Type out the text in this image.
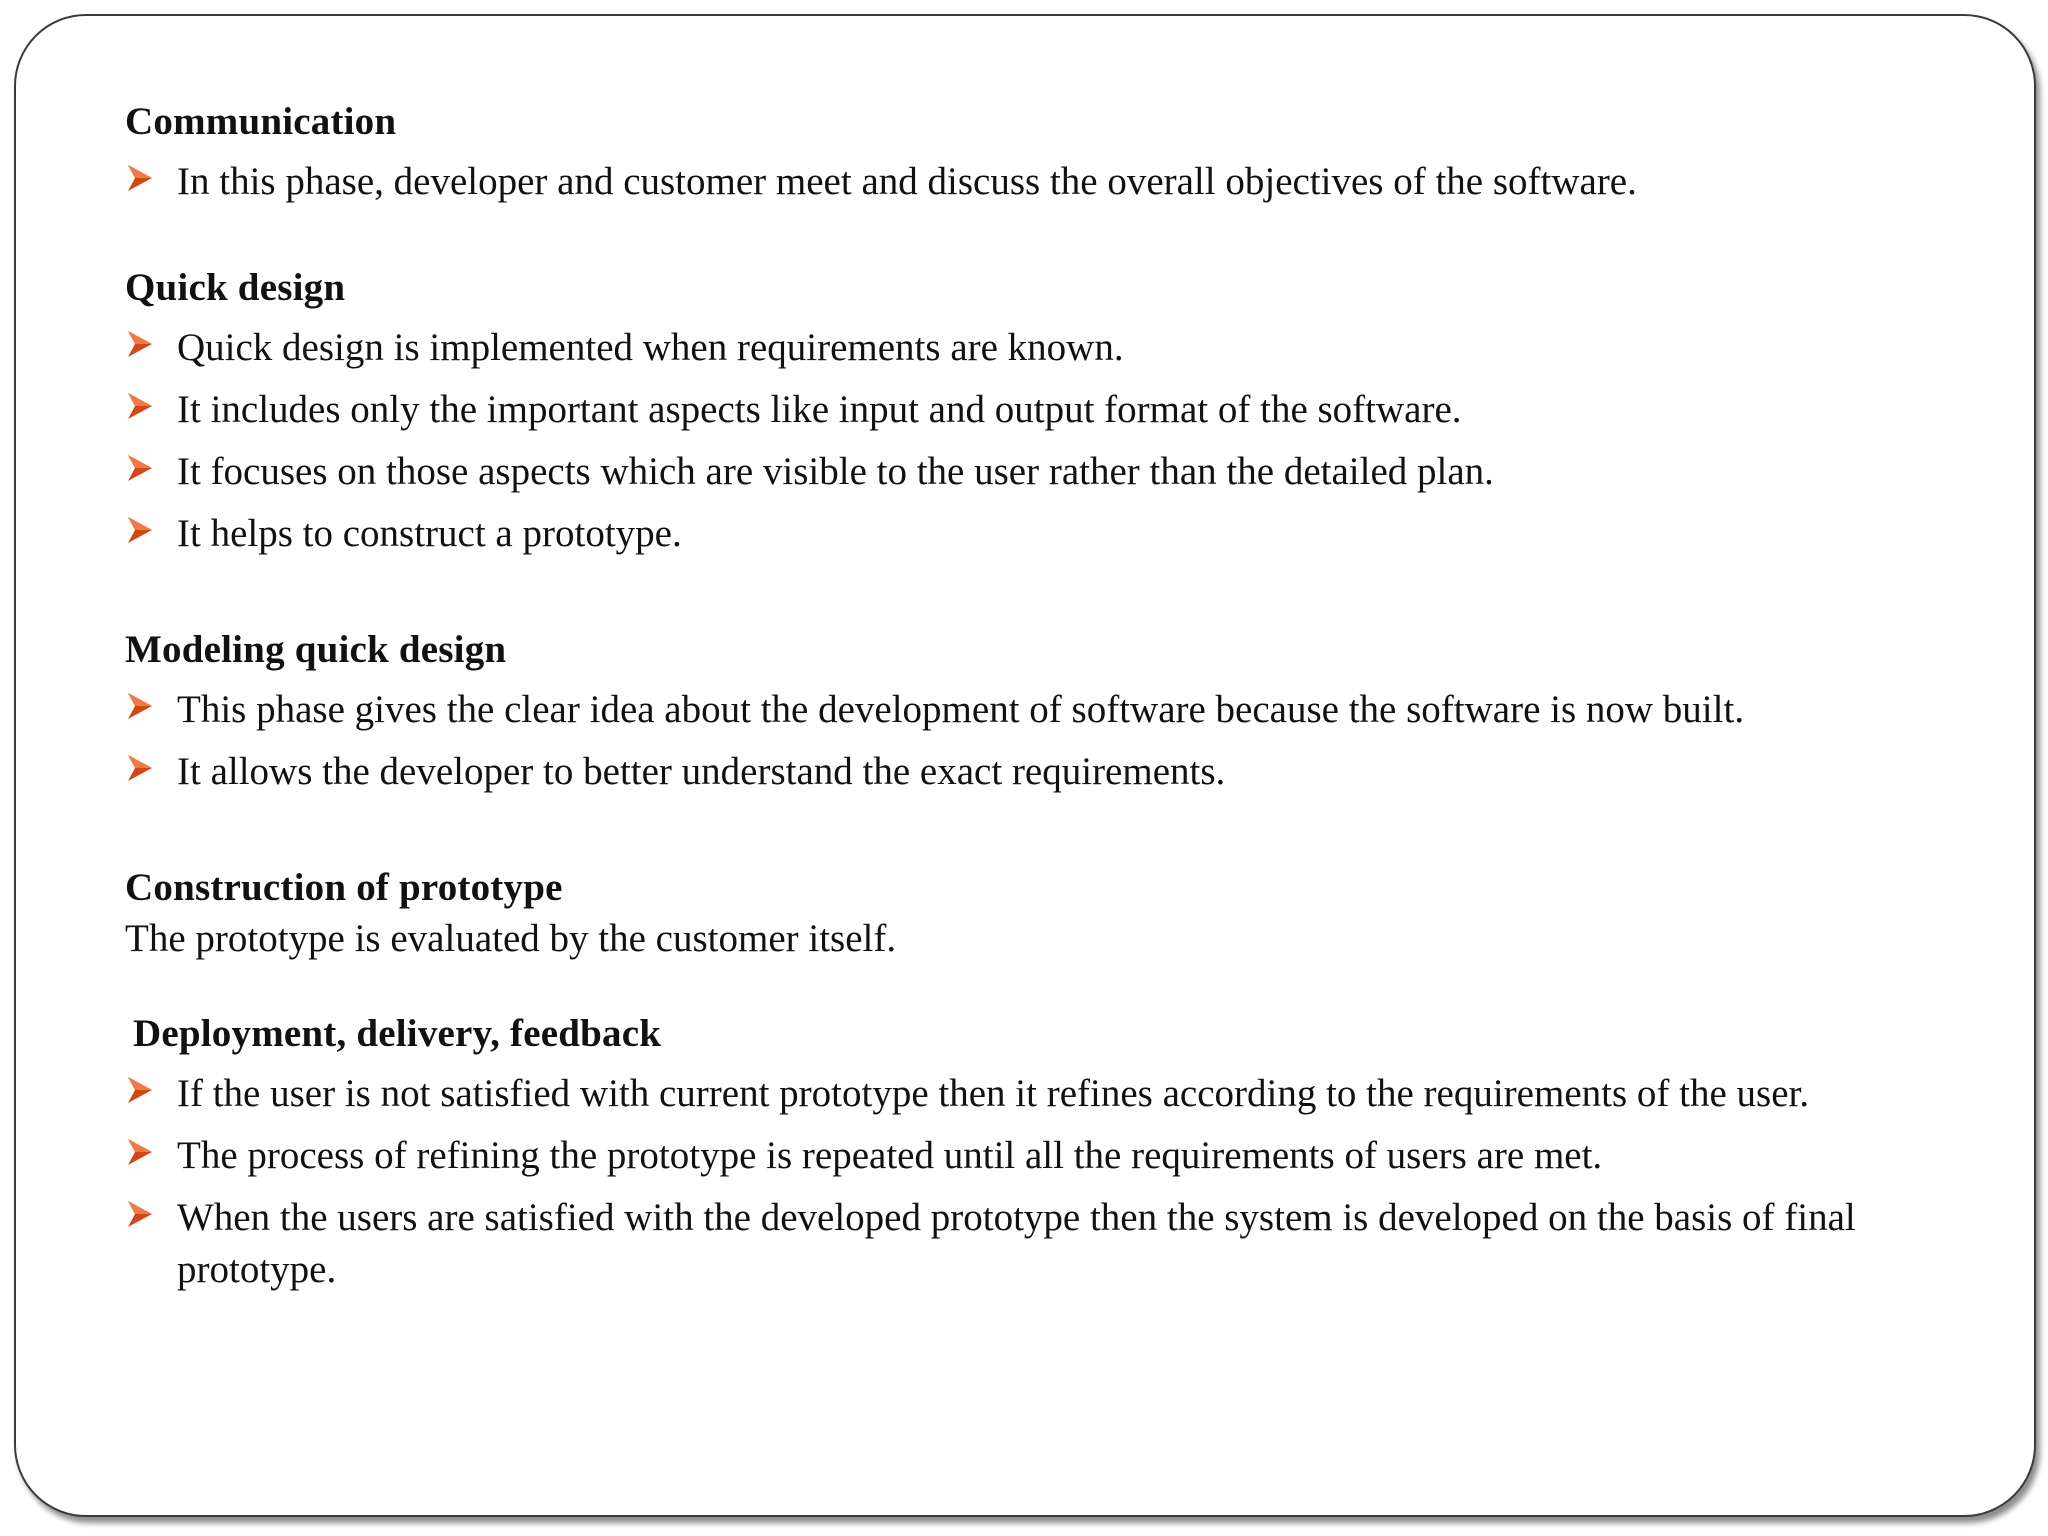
Communication
In this phase, developer and customer meet and discuss the overall objectives of the software.
Quick design
Quick design is implemented when requirements are known.
It includes only the important aspects like input and output format of the software.
It focuses on those aspects which are visible to the user rather than the detailed plan.
It helps to construct a prototype.
Modeling quick design
This phase gives the clear idea about the development of software because the software is now built.
It allows the developer to better understand the exact requirements.
Construction of prototype

The prototype is evaluated by the customer itself.

Deployment, delivery, feedback
If the user is not satisfied with current prototype then it refines according to the requirements of the user.
The process of refining the prototype is repeated until all the requirements of users are met.
When the users are satisfied with the developed prototype then the system is developed on the basis of final prototype.
